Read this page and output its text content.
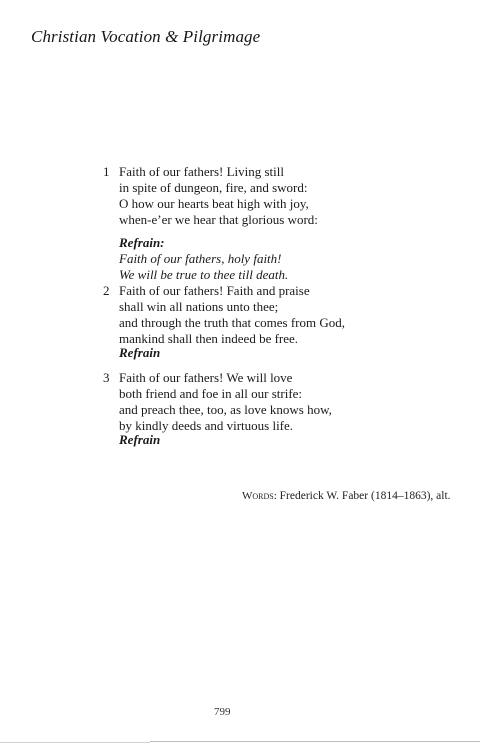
Christian Vocation & Pilgrimage
1 Faith of our fathers! Living still
in spite of dungeon, fire, and sword:
O how our hearts beat high with joy,
when-e’er we hear that glorious word:
Refrain:
Faith of our fathers, holy faith!
We will be true to thee till death.
2 Faith of our fathers! Faith and praise
shall win all nations unto thee;
and through the truth that comes from God,
mankind shall then indeed be free.
Refrain
3 Faith of our fathers! We will love
both friend and foe in all our strife:
and preach thee, too, as love knows how,
by kindly deeds and virtuous life.
Refrain
Words: Frederick W. Faber (1814–1863), alt.
799
